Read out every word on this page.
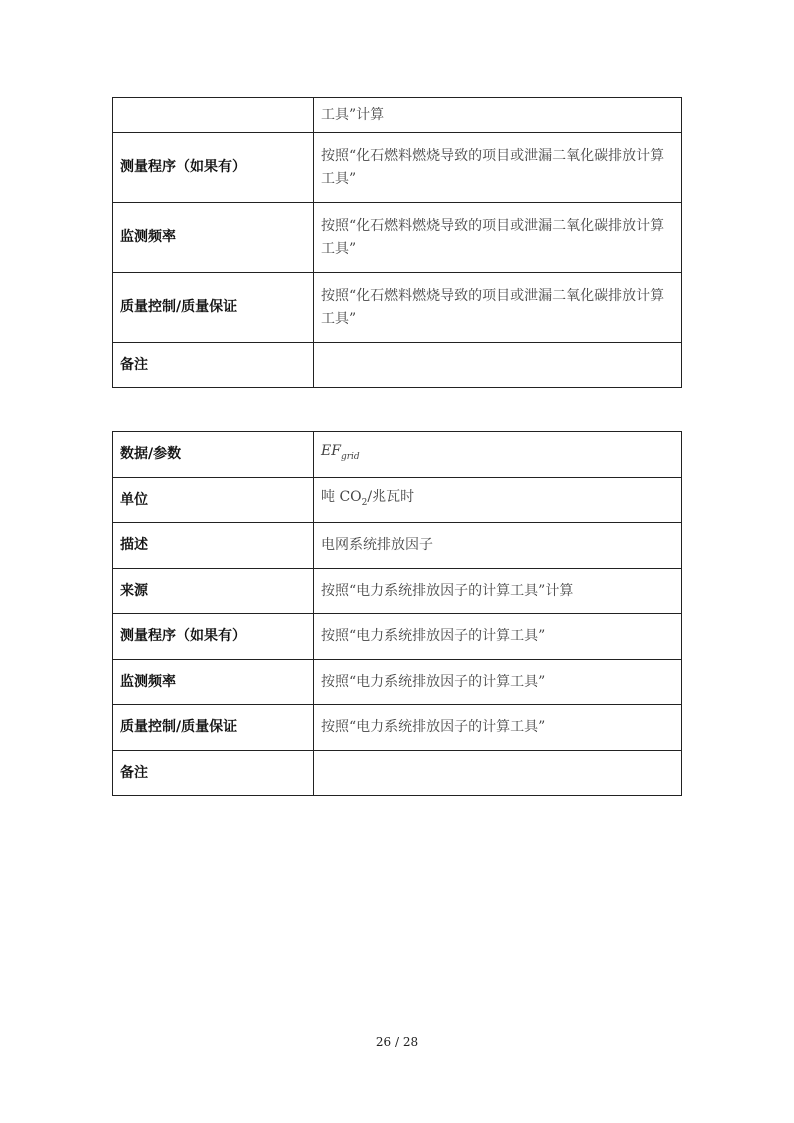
	工具”计算
测量程序（如果有）	按照“化石燃料燃烧导致的项目或泄漏二氧化碳排放计算工具”
监测频率	按照“化石燃料燃烧导致的项目或泄漏二氧化碳排放计算工具”
质量控制/质量保证	按照“化石燃料燃烧导致的项目或泄漏二氧化碳排放计算工具”
备注	
数据/参数	$EF_{grid}$
单位	吨 $CO_2/$兆瓦时
描述	电网系统排放因子
来源	按照“电力系统排放因子的计算工具”计算
测量程序（如果有）	按照“电力系统排放因子的计算工具”
监测频率	按照“电力系统排放因子的计算工具”
质量控制/质量保证	按照“电力系统排放因子的计算工具”
备注	
26 / 28
